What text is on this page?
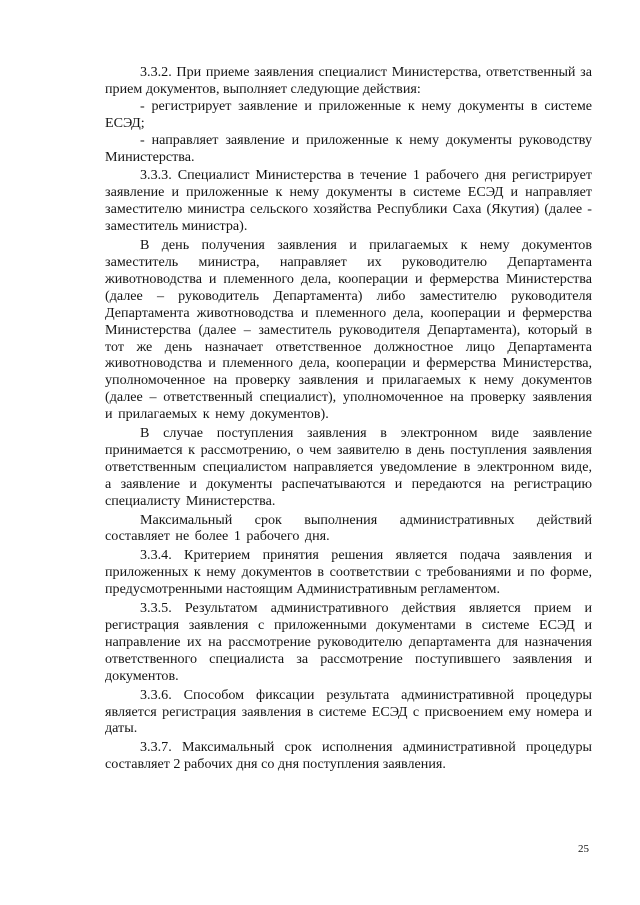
3.3.2. При приеме заявления специалист Министерства, ответственный за прием документов, выполняет следующие действия:

- регистрирует заявление и приложенные к нему документы в системе ЕСЭД;

- направляет заявление и приложенные к нему документы руководству Министерства.

3.3.3. Специалист Министерства в течение 1 рабочего дня регистрирует заявление и приложенные к нему документы в системе ЕСЭД и направляет заместителю министра сельского хозяйства Республики Саха (Якутия) (далее - заместитель министра).

В день получения заявления и прилагаемых к нему документов заместитель министра, направляет их руководителю Департамента животноводства и племенного дела, кооперации и фермерства Министерства (далее – руководитель Департамента) либо заместителю руководителя Департамента животноводства и племенного дела, кооперации и фермерства Министерства (далее – заместитель руководителя Департамента), который в тот же день назначает ответственное должностное лицо Департамента животноводства и племенного дела, кооперации и фермерства Министерства, уполномоченное на проверку заявления и прилагаемых к нему документов (далее – ответственный специалист), уполномоченное на проверку заявления и прилагаемых к нему документов).

В случае поступления заявления в электронном виде заявление принимается к рассмотрению, о чем заявителю в день поступления заявления ответственным специалистом направляется уведомление в электронном виде, а заявление и документы распечатываются и передаются на регистрацию специалисту Министерства.

Максимальный срок выполнения административных действий составляет не более 1 рабочего дня.

3.3.4. Критерием принятия решения является подача заявления и приложенных к нему документов в соответствии с требованиями и по форме, предусмотренными настоящим Административным регламентом.

3.3.5. Результатом административного действия является прием и регистрация заявления с приложенными документами в системе ЕСЭД и направление их на рассмотрение руководителю департамента для назначения ответственного специалиста за рассмотрение поступившего заявления и документов.

3.3.6. Способом фиксации результата административной процедуры является регистрация заявления в системе ЕСЭД с присвоением ему номера и даты.

3.3.7. Максимальный срок исполнения административной процедуры составляет 2 рабочих дня со дня поступления заявления.

25
